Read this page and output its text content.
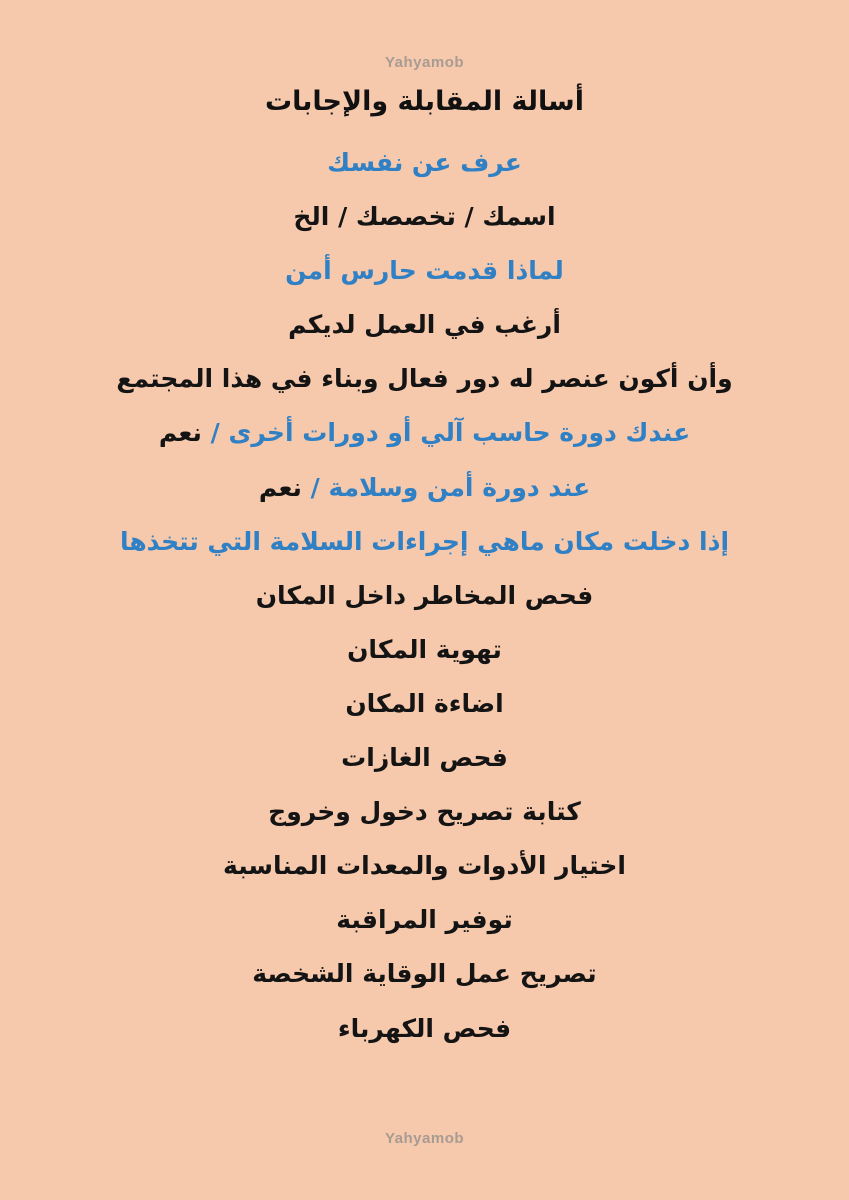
Yahyamob
أسالة المقابلة والإجابات
عرف عن نفسك
اسمك / تخصصك / الخ
لماذا قدمت حارس أمن
أرغب في العمل لديكم
وأن أكون عنصر له دور فعال وبناء في هذا المجتمع
عندك دورة حاسب آلي أو دورات أخرى / نعم
عند دورة أمن وسلامة / نعم
إذا دخلت مكان ماهي إجراءات السلامة التي تتخذها
فحص المخاطر داخل المكان
تهوية المكان
اضاءة المكان
فحص الغازات
كتابة تصريح دخول وخروج
اختيار الأدوات والمعدات المناسبة
توفير المراقبة
تصريح عمل الوقاية الشخصة
فحص الكهرباء
Yahyamob
